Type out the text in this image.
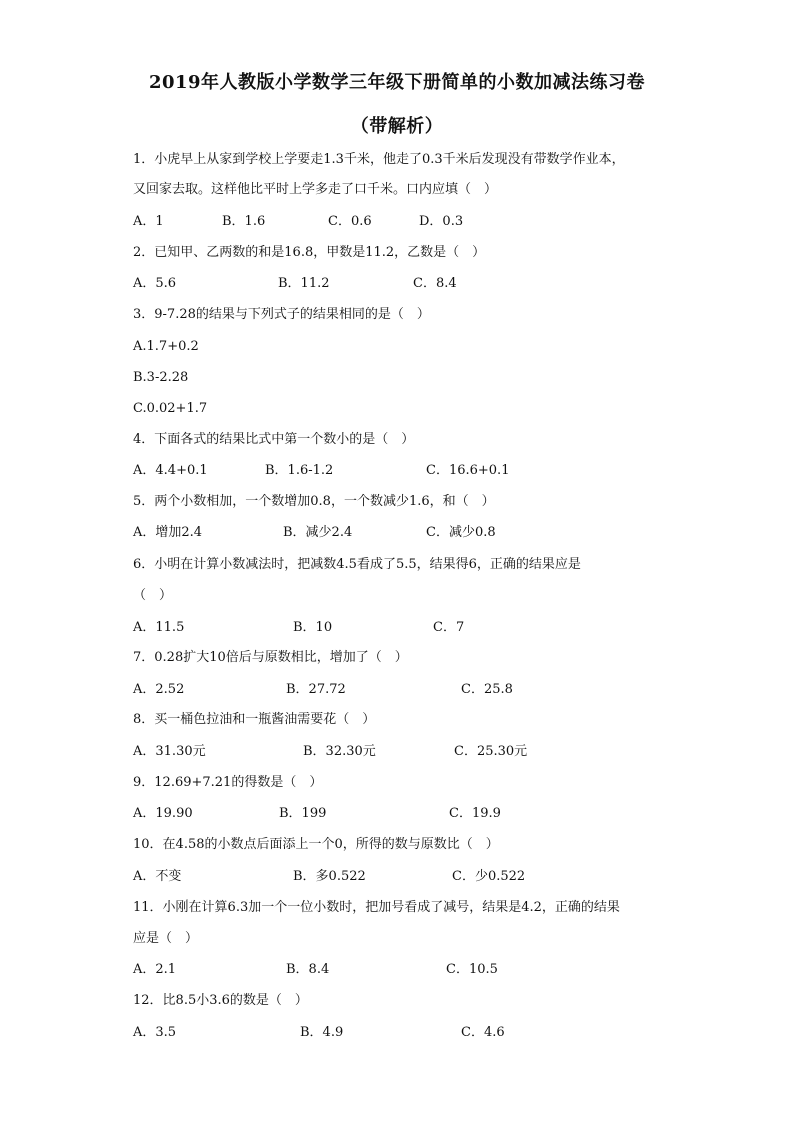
2019年人教版小学数学三年级下册简单的小数加减法练习卷
（带解析）
1．小虎早上从家到学校上学要走1.3千米，他走了0.3千米后发现没有带数学作业本，
又回家去取。这样他比平时上学多走了口千米。口内应填（　）
A．1	B．1.6	C．0.6	D．0.3
2．已知甲、乙两数的和是16.8，甲数是11.2，乙数是（　）
A．5.6	B．11.2	C．8.4
3．9-7.28的结果与下列式子的结果相同的是（　）
A.1.7+0.2
B.3-2.28
C.0.02+1.7
4．下面各式的结果比式中第一个数小的是（　）
A．4.4+0.1	B．1.6-1.2	C．16.6+0.1
5．两个小数相加，一个数增加0.8，一个数减少1.6，和（　）
A．增加2.4	B．减少2.4	C．减少0.8
6．小明在计算小数减法时，把减数4.5看成了5.5，结果得6，正确的结果应是
（　）
A．11.5	B．10	C．7
7．0.28扩大10倍后与原数相比，增加了（　）
A．2.52	B．27.72	C．25.8
8．买一桶色拉油和一瓶酱油需要花（　）
A．31.30元	B．32.30元	C．25.30元
9．12.69+7.21的得数是（　）
A．19.90	B．199	C．19.9
10．在4.58的小数点后面添上一个0，所得的数与原数比（　）
A．不变	B．多0.522	C．少0.522
11．小刚在计算6.3加一个一位小数时，把加号看成了减号，结果是4.2，正确的结果
应是（　）
A．2.1	B．8.4	C．10.5
12．比8.5小3.6的数是（　）
A．3.5	B．4.9	C．4.6
